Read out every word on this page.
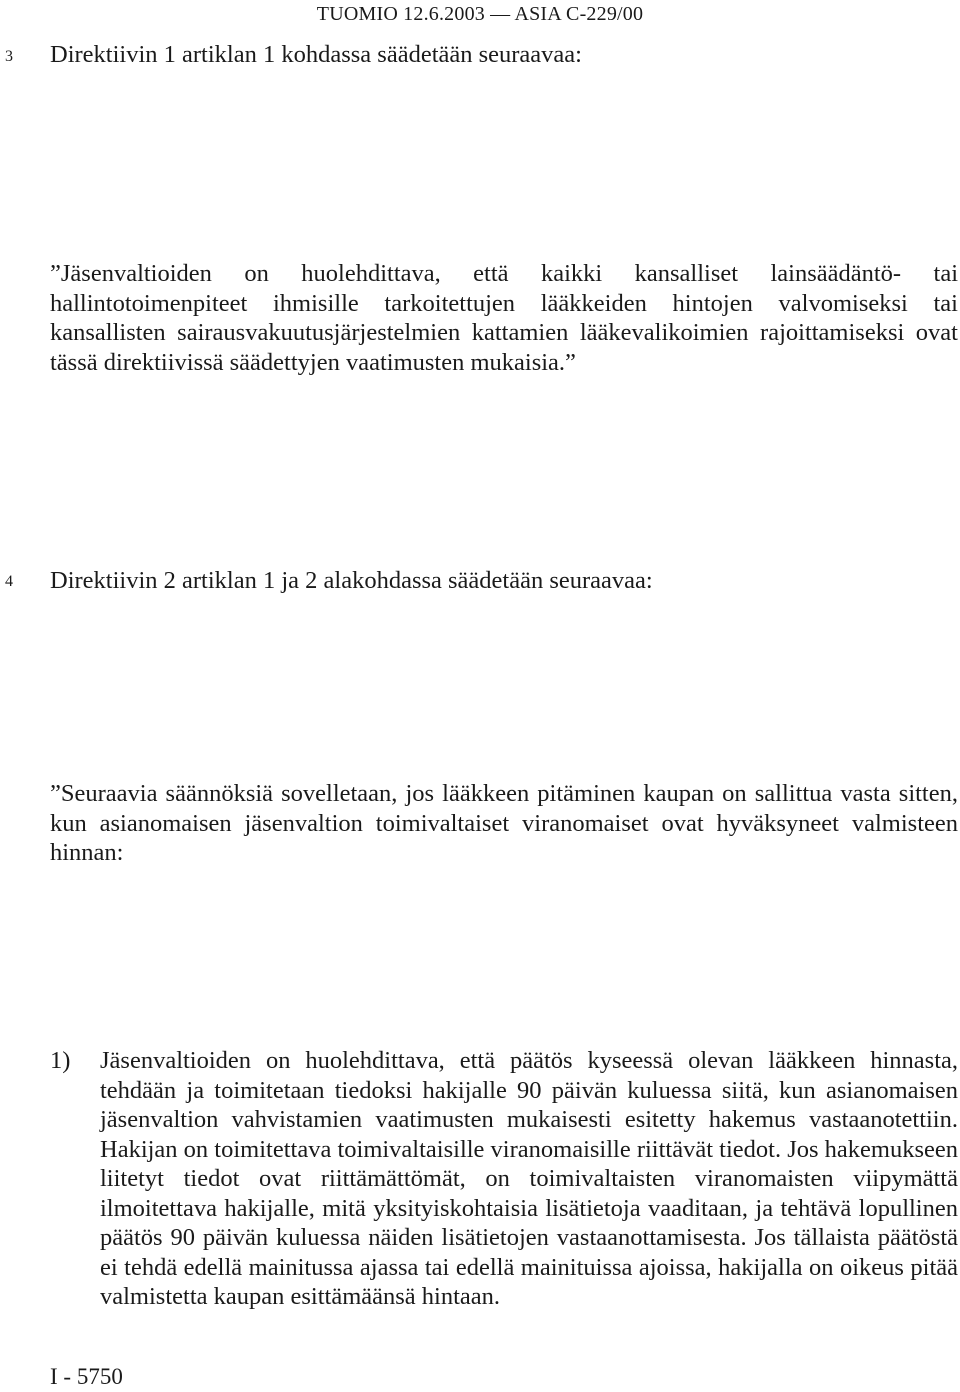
TUOMIO 12.6.2003 — ASIA C-229/00
3 Direktiivin 1 artiklan 1 kohdassa säädetään seuraavaa:

”Jäsenvaltioiden on huolehdittava, että kaikki kansalliset lainsäädäntö- tai hallintotoimenpiteet ihmisille tarkoitettujen lääkkeiden hintojen valvomiseksi tai kansallisten sairausvakuutusjärjestelmien kattamien lääkevalikoimien rajoittamiseksi ovat tässä direktiivissä säädettyjen vaatimusten mukaisia.”

4 Direktiivin 2 artiklan 1 ja 2 alakohdassa säädetään seuraavaa:

”Seuraavia säännöksiä sovelletaan, jos lääkkeen pitäminen kaupan on sallittua vasta sitten, kun asianomaisen jäsenvaltion toimivaltaiset viranomaiset ovat hyväksyneet valmisteen hinnan:

1) Jäsenvaltioiden on huolehdittava, että päätös kyseessä olevan lääkkeen hinnasta, tehdään ja toimitetaan tiedoksi hakijalle 90 päivän kuluessa siitä, kun asianomaisen jäsenvaltion vahvistamien vaatimusten mukaisesti esitetty hakemus vastaanotettiin. Hakijan on toimitettava toimivaltaisille viranomaisille riittävät tiedot. Jos hakemukseen liitetyt tiedot ovat riittämättömät, on toimivaltaisten viranomaisten viipymättä ilmoitettava hakijalle, mitä yksityiskohtaisia lisätietoja vaaditaan, ja tehtävä lopullinen päätös 90 päivän kuluessa näiden lisätietojen vastaanottamisesta. Jos tällaista päätöstä ei tehdä edellä mainitussa ajassa tai edellä mainituissa ajoissa, hakijalla on oikeus pitää valmistetta kaupan esittämäänsä hintaan.

I - 5750
